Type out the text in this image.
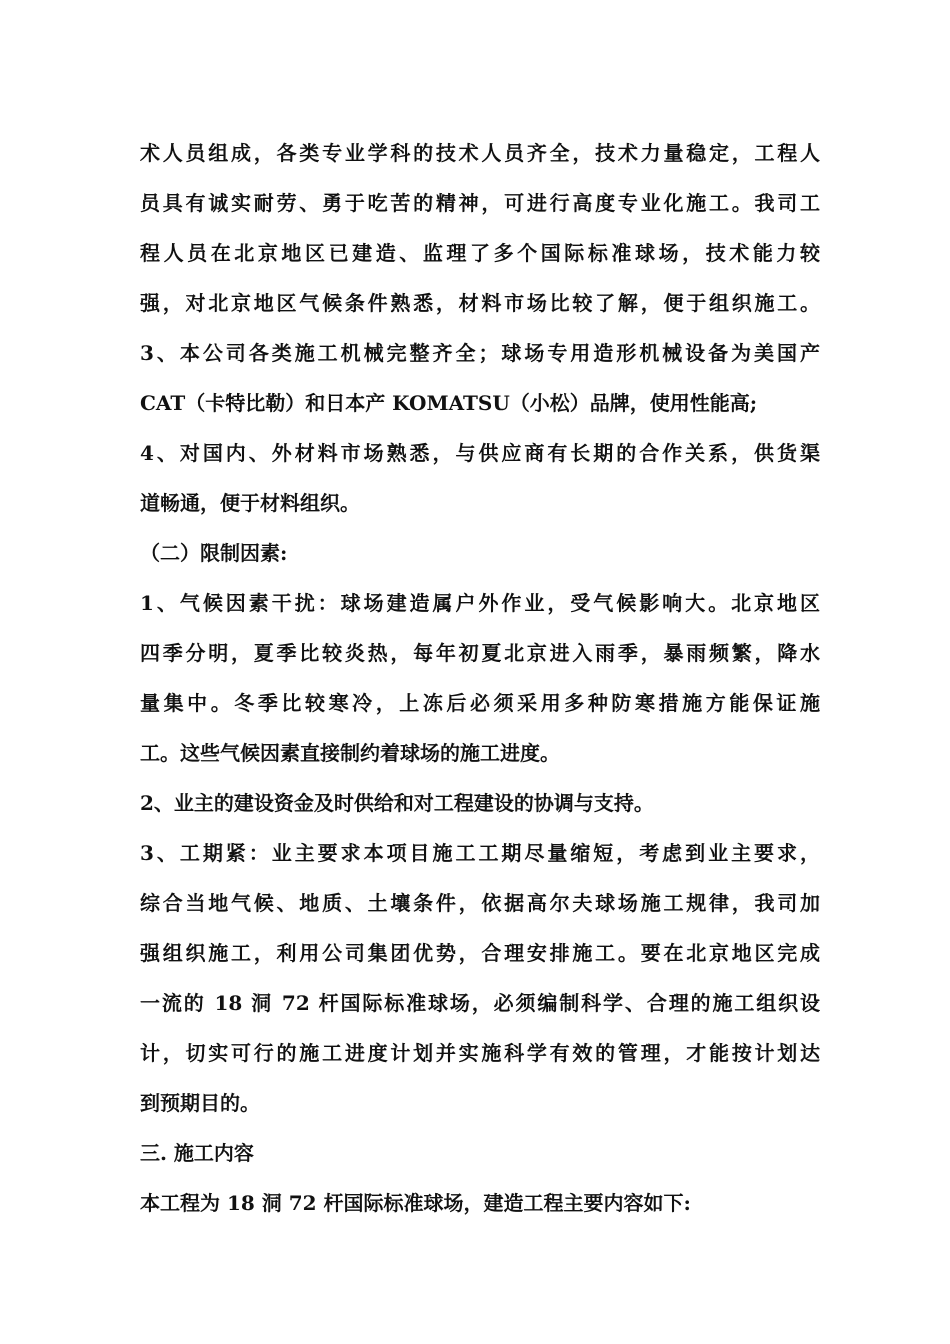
术人员组成，各类专业学科的技术人员齐全，技术力量稳定，工程人
员具有诚实耐劳、勇于吃苦的精神，可进行高度专业化施工。我司工
程人员在北京地区已建造、监理了多个国际标准球场，技术能力较
强，对北京地区气候条件熟悉，材料市场比较了解，便于组织施工。
3、本公司各类施工机械完整齐全；球场专用造形机械设备为美国产
CAT（卡特比勒）和日本产 KOMATSU（小松）品牌，使用性能高;
4、对国内、外材料市场熟悉，与供应商有长期的合作关系，供货渠
道畅通，便于材料组织。
（二）限制因素:
1、气候因素干扰：球场建造属户外作业，受气候影响大。北京地区
四季分明，夏季比较炎热，每年初夏北京进入雨季，暴雨频繁，降水
量集中。冬季比较寒冷，上冻后必须采用多种防寒措施方能保证施
工。这些气候因素直接制约着球场的施工进度。
2、业主的建设资金及时供给和对工程建设的协调与支持。
3、工期紧：业主要求本项目施工工期尽量缩短，考虑到业主要求，
综合当地气候、地质、土壤条件，依据高尔夫球场施工规律，我司加
强组织施工，利用公司集团优势，合理安排施工。要在北京地区完成
一流的 18 洞 72 杆国际标准球场，必须编制科学、合理的施工组织设
计，切实可行的施工进度计划并实施科学有效的管理，才能按计划达
到预期目的。
三. 施工内容
本工程为 18 洞 72 杆国际标准球场，建造工程主要内容如下:
